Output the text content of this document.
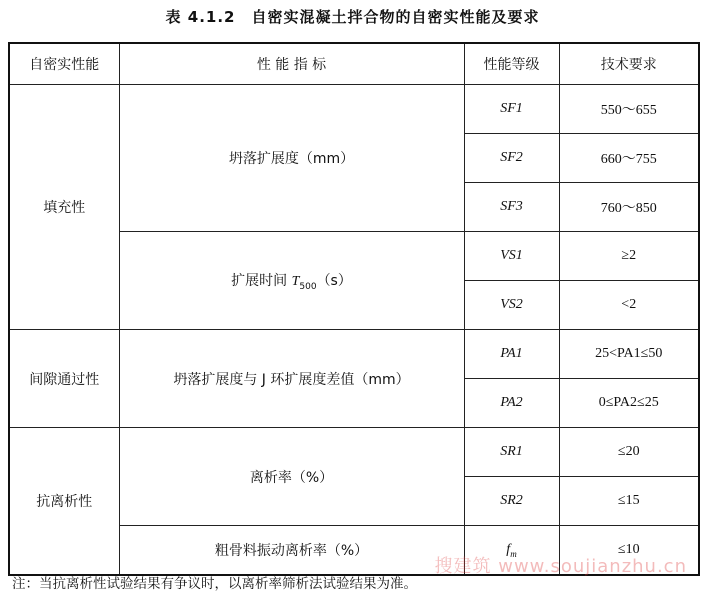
表 4.1.2　自密实混凝土拌合物的自密实性能及要求
自密实性能	性 能 指 标	性能等级	技术要求
填充性	坍落扩展度（mm）	SF1	550～655
		SF2	660～755
		SF3	760～850
	扩展时间 $T_{500}(s)$	VS1	≥2
		VS2	<2
间隙通过性	坍落扩展度与 J 环扩展度差值（mm）	PA1	25<PA1≤50
		PA2	0≤PA2≤25
抗离析性	离析率（%）	SR1	≤20
		SR2	≤15
	粗骨料振动离析率（%）	$f_m$	≤10
搜建筑 www.soujianzhu.cn
注：当抗离析性试验结果有争议时，以离析率筛析法试验结果为准。
